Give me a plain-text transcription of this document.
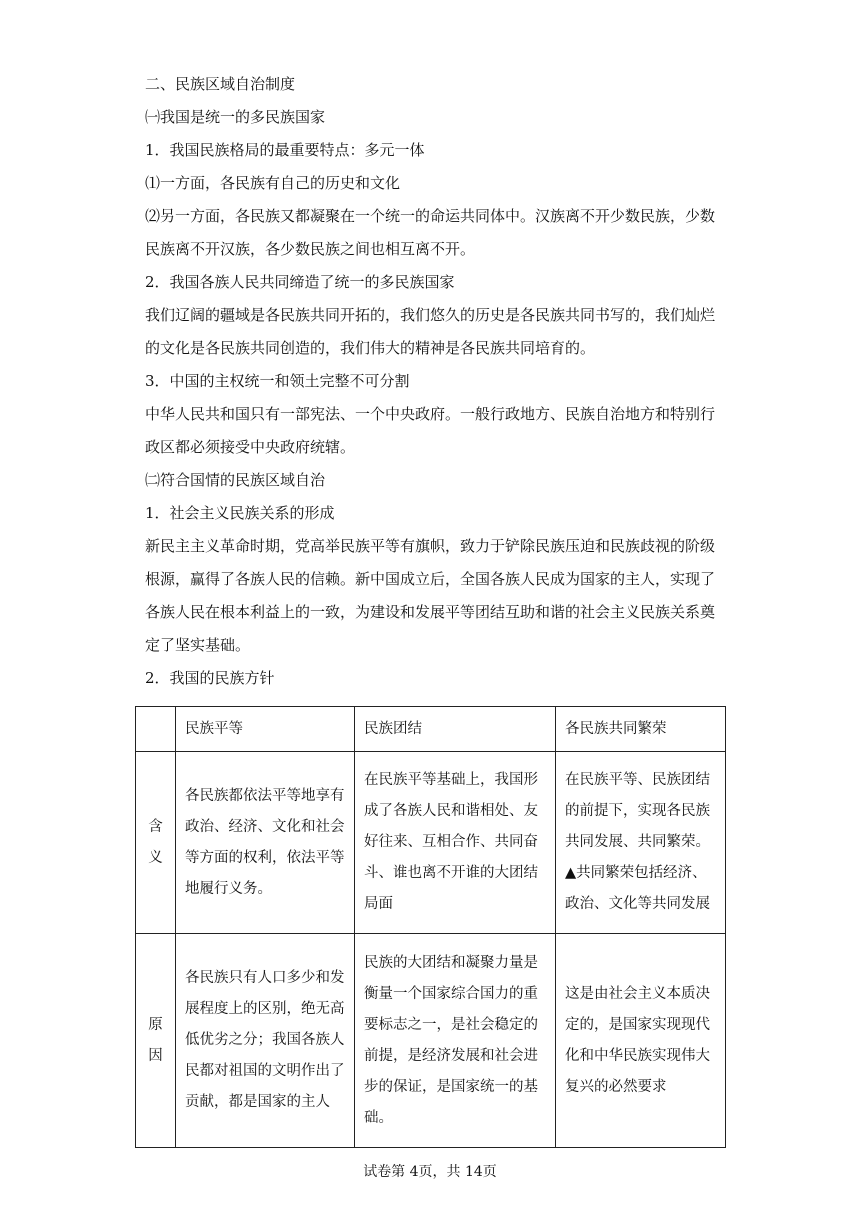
二、民族区域自治制度
㈠我国是统一的多民族国家
1．我国民族格局的最重要特点：多元一体
⑴一方面，各民族有自己的历史和文化
⑵另一方面，各民族又都凝聚在一个统一的命运共同体中。汉族离不开少数民族，少数民族离不开汉族，各少数民族之间也相互离不开。
2．我国各族人民共同缔造了统一的多民族国家
我们辽阔的疆域是各民族共同开拓的，我们悠久的历史是各民族共同书写的，我们灿烂的文化是各民族共同创造的，我们伟大的精神是各民族共同培育的。
3．中国的主权统一和领土完整不可分割
中华人民共和国只有一部宪法、一个中央政府。一般行政地方、民族自治地方和特别行政区都必须接受中央政府统辖。
㈡符合国情的民族区域自治
1．社会主义民族关系的形成
新民主主义革命时期，党高举民族平等有旗帜，致力于铲除民族压迫和民族歧视的阶级根源，赢得了各族人民的信赖。新中国成立后，全国各族人民成为国家的主人，实现了各族人民在根本利益上的一致，为建设和发展平等团结互助和谐的社会主义民族关系奠定了坚实基础。
2．我国的民族方针
	民族平等	民族团结	各民族共同繁荣

含义	各民族都依法平等地享有政治、经济、文化和社会等方面的权利，依法平等地履行义务。	在民族平等基础上，我国形成了各族人民和谐相处、友好往来、互相合作、共同奋斗、谁也离不开谁的大团结局面	在民族平等、民族团结的前提下，实现各民族共同发展、共同繁荣。
▲共同繁荣包括经济、政治、文化等共同发展

原因	各民族只有人口多少和发展程度上的区别，绝无高低优劣之分；我国各族人民都对祖国的文明作出了贡献，都是国家的主人	民族的大团结和凝聚力量是衡量一个国家综合国力的重要标志之一，是社会稳定的前提，是经济发展和社会进步的保证，是国家统一的基础。	这是由社会主义本质决定的，是国家实现现代化和中华民族实现伟大复兴的必然要求
试卷第 4页，共 14页
